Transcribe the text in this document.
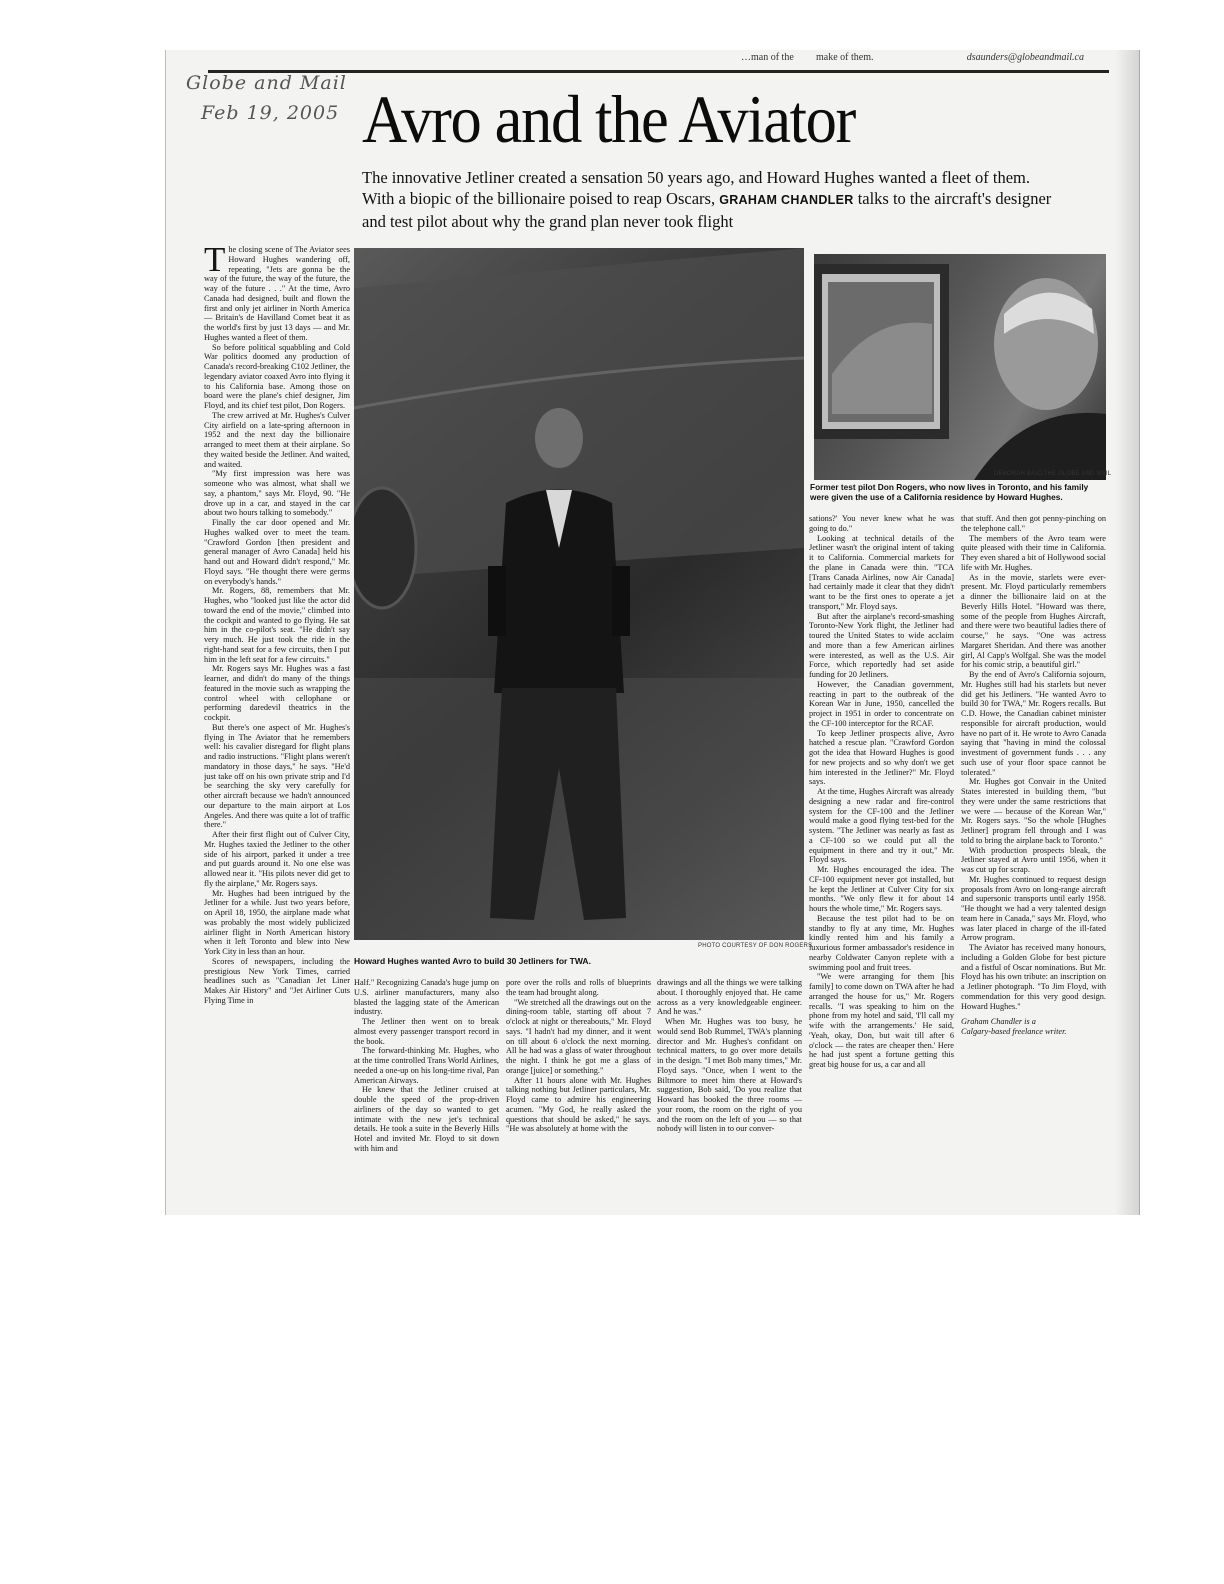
…man of the make of them.	dsaunders@globeandmail.ca
Globe and Mail
Feb 19, 2005 Avro and the Aviator
The innovative Jetliner created a sensation 50 years ago, and Howard Hughes wanted a fleet of them. With a biopic of the billionaire poised to reap Oscars, GRAHAM CHANDLER talks to the aircraft's designer and test pilot about why the grand plan never took flight
T he closing scene of The Aviator sees Howard Hughes wandering off, repeating, "Jets are gonna be the way of the future, the way of the future, the way of the future . . ." At the time, Avro Canada had designed, built and flown the first and only jet airliner in North America — Britain's de Havilland Comet beat it as the world's first by just 13 days — and Mr. Hughes wanted a fleet of them.

So before political squabbling and Cold War politics doomed any production of Canada's record-breaking C102 Jetliner, the legendary aviator coaxed Avro into flying it to his California base. Among those on board were the plane's chief designer, Jim Floyd, and its chief test pilot, Don Rogers.

The crew arrived at Mr. Hughes's Culver City airfield on a late-spring afternoon in 1952 and the next day the billionaire arranged to meet them at their airplane. So they waited beside the Jetliner. And waited, and waited.

"My first impression was here was someone who was almost, what shall we say, a phantom," says Mr. Floyd, 90. "He drove up in a car, and stayed in the car about two hours talking to somebody."

Finally the car door opened and Mr. Hughes walked over to meet the team. "Crawford Gordon [then president and general manager of Avro Canada] held his hand out and Howard didn't respond," Mr. Floyd says. "He thought there were germs on everybody's hands."

Mr. Rogers, 88, remembers that Mr. Hughes, who "looked just like the actor did toward the end of the movie," climbed into the cockpit and wanted to go flying. He sat him in the co-pilot's seat. "He didn't say very much. He just took the ride in the right-hand seat for a few circuits, then I put him in the left seat for a few circuits."

Mr. Rogers says Mr. Hughes was a fast learner, and didn't do many of the things featured in the movie such as wrapping the control wheel with cellophane or performing daredevil theatrics in the cockpit.

But there's one aspect of Mr. Hughes's flying in The Aviator that he remembers well: his cavalier disregard for flight plans and radio instructions. "Flight plans weren't mandatory in those days," he says. "He'd just take off on his own private strip and I'd be searching the sky very carefully for other aircraft because we hadn't announced our departure to the main airport at Los Angeles. And there was quite a lot of traffic there."

After their first flight out of Culver City, Mr. Hughes taxied the Jetliner to the other side of his airport, parked it under a tree and put guards around it. No one else was allowed near it. "His pilots never did get to fly the airplane," Mr. Rogers says.

Mr. Hughes had been intrigued by the Jetliner for a while. Just two years before, on April 18, 1950, the airplane made what was probably the most widely publicized airliner flight in North American history when it left Toronto and blew into New York City in less than an hour.

Scores of newspapers, including the prestigious New York Times, carried headlines such as "Canadian Jet Liner Makes Air History" and "Jet Airliner Cuts Flying Time in

PHOTO COURTESY OF DON ROGERS
Howard Hughes wanted Avro to build 30 Jetliners for TWA.
DEBORAH BAIC/THE GLOBE AND MAIL
Former test pilot Don Rogers, who now lives in Toronto, and his family were given the use of a California residence by Howard Hughes.

Half." Recognizing Canada's huge jump on U.S. airliner manufacturers, many also blasted the lagging state of the American industry.

The Jetliner then went on to break almost every passenger transport record in the book.

The forward-thinking Mr. Hughes, who at the time controlled Trans World Airlines, needed a one-up on his long-time rival, Pan American Airways.

He knew that the Jetliner cruised at double the speed of the prop-driven airliners of the day so wanted to get intimate with the new jet's technical details. He took a suite in the Beverly Hills Hotel and invited Mr. Floyd to sit down with him and

pore over the rolls and rolls of blueprints the team had brought along.

"We stretched all the drawings out on the dining-room table, starting off about 7 o'clock at night or thereabouts," Mr. Floyd says. "I hadn't had my dinner, and it went on till about 6 o'clock the next morning. All he had was a glass of water throughout the night. I think he got me a glass of orange [juice] or something."

After 11 hours alone with Mr. Hughes talking nothing but Jetliner particulars, Mr. Floyd came to admire his engineering acumen. "My God, he really asked the questions that should be asked," he says. "He was absolutely at home with the

drawings and all the things we were talking about. I thoroughly enjoyed that. He came across as a very knowledgeable engineer. And he was."

When Mr. Hughes was too busy, he would send Bob Rummel, TWA's planning director and Mr. Hughes's confidant on technical matters, to go over more details in the design. "I met Bob many times," Mr. Floyd says. "Once, when I went to the Biltmore to meet him there at Howard's suggestion, Bob said, 'Do you realize that Howard has booked the three rooms — your room, the room on the right of you and the room on the left of you — so that nobody will listen in to our conver-

sations?' You never knew what he was going to do."

Looking at technical details of the Jetliner wasn't the original intent of taking it to California. Commercial markets for the plane in Canada were thin. "TCA [Trans Canada Airlines, now Air Canada] had certainly made it clear that they didn't want to be the first ones to operate a jet transport," Mr. Floyd says.

But after the airplane's record-smashing Toronto-New York flight, the Jetliner had toured the United States to wide acclaim and more than a few American airlines were interested, as well as the U.S. Air Force, which reportedly had set aside funding for 20 Jetliners.

However, the Canadian government, reacting in part to the outbreak of the Korean War in June, 1950, cancelled the project in 1951 in order to concentrate on the CF-100 interceptor for the RCAF.

To keep Jetliner prospects alive, Avro hatched a rescue plan. "Crawford Gordon got the idea that Howard Hughes is good for new projects and so why don't we get him interested in the Jetliner?" Mr. Floyd says.

At the time, Hughes Aircraft was already designing a new radar and fire-control system for the CF-100 and the Jetliner would make a good flying test-bed for the system. "The Jetliner was nearly as fast as a CF-100 so we could put all the equipment in there and try it out," Mr. Floyd says.

Mr. Hughes encouraged the idea. The CF-100 equipment never got installed, but he kept the Jetliner at Culver City for six months. "We only flew it for about 14 hours the whole time," Mr. Rogers says.

Because the test pilot had to be on standby to fly at any time, Mr. Hughes kindly rented him and his family a luxurious former ambassador's residence in nearby Coldwater Canyon replete with a swimming pool and fruit trees.

"We were arranging for them [his family] to come down on TWA after he had arranged the house for us," Mr. Rogers recalls. "I was speaking to him on the phone from my hotel and said, 'I'll call my wife with the arrangements.' He said, 'Yeah, okay, Don, but wait till after 6 o'clock — the rates are cheaper then.' Here he had just spent a fortune getting this great big house for us, a car and all

that stuff. And then got penny-pinching on the telephone call."

The members of the Avro team were quite pleased with their time in California. They even shared a bit of Hollywood social life with Mr. Hughes.

As in the movie, starlets were ever-present. Mr. Floyd particularly remembers a dinner the billionaire laid on at the Beverly Hills Hotel. "Howard was there, some of the people from Hughes Aircraft, and there were two beautiful ladies there of course," he says. "One was actress Margaret Sheridan. And there was another girl, Al Capp's Wolfgal. She was the model for his comic strip, a beautiful girl."

By the end of Avro's California sojourn, Mr. Hughes still had his starlets but never did get his Jetliners. "He wanted Avro to build 30 for TWA," Mr. Rogers recalls. But C.D. Howe, the Canadian cabinet minister responsible for aircraft production, would have no part of it. He wrote to Avro Canada saying that "having in mind the colossal investment of government funds . . . any such use of your floor space cannot be tolerated."

Mr. Hughes got Convair in the United States interested in building them, "but they were under the same restrictions that we were — because of the Korean War," Mr. Rogers says. "So the whole [Hughes Jetliner] program fell through and I was told to bring the airplane back to Toronto."

With production prospects bleak, the Jetliner stayed at Avro until 1956, when it was cut up for scrap.

Mr. Hughes continued to request design proposals from Avro on long-range aircraft and supersonic transports until early 1958. "He thought we had a very talented design team here in Canada," says Mr. Floyd, who was later placed in charge of the ill-fated Arrow program.

The Aviator has received many honours, including a Golden Globe for best picture and a fistful of Oscar nominations. But Mr. Floyd has his own tribute: an inscription on a Jetliner photograph. "To Jim Floyd, with commendation for this very good design. Howard Hughes."

Graham Chandler is a
Calgary-based freelance writer.
